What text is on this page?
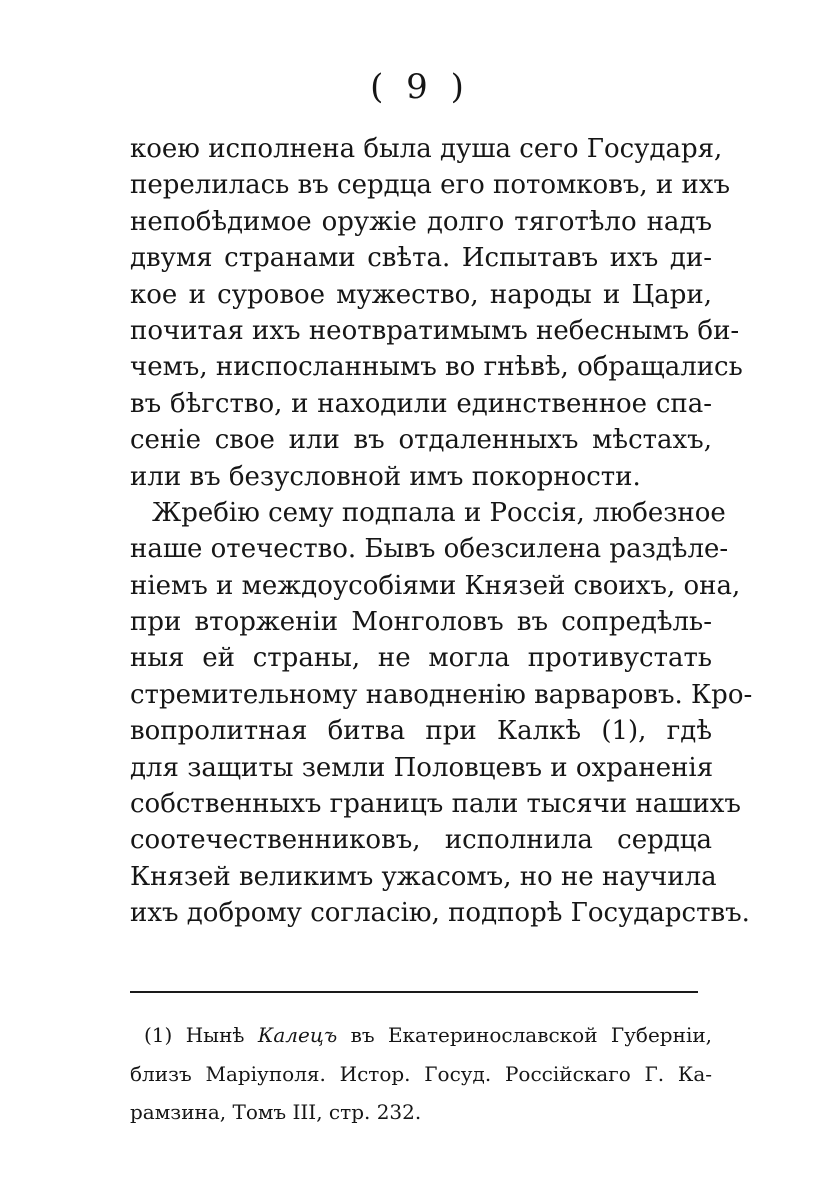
( 9 )
коею исполнена была душа сего Государя,
перелилась въ сердца его потомковъ, и ихъ
непобѣдимое оружіе долго тяготѣло надъ
двумя странами свѣта. Испытавъ ихъ ди-
кое и суровое мужество, народы и Цари,
почитая ихъ неотвратимымъ небеснымъ би-
чемъ, ниспосланнымъ во гнѣвѣ, обращались
въ бѣгство, и находили единственное спа-
сеніе свое или въ отдаленныхъ мѣстахъ,
или въ безусловной имъ покорности.
Жребію сему подпала и Россія, любезное
наше отечество. Бывъ обезсилена раздѣле-
ніемъ и междоусобіями Князей своихъ, она,
при вторженіи Монголовъ въ сопредѣль-
ныя ей страны, не могла противустать
стремительному наводненію варваровъ. Кро-
вопролитная битва при Калкѣ (1), гдѣ
для защиты земли Половцевъ и охраненія
собственныхъ границъ пали тысячи нашихъ
соотечественниковъ, исполнила сердца
Князей великимъ ужасомъ, но не научила
ихъ доброму согласію, подпорѣ Государствъ.
(1) Нынѣ Калецъ въ Екатеринославской Губерніи,
близъ Маріуполя. Истор. Госуд. Россійскаго Г. Ка-
рамзина, Томъ III, стр. 232.
